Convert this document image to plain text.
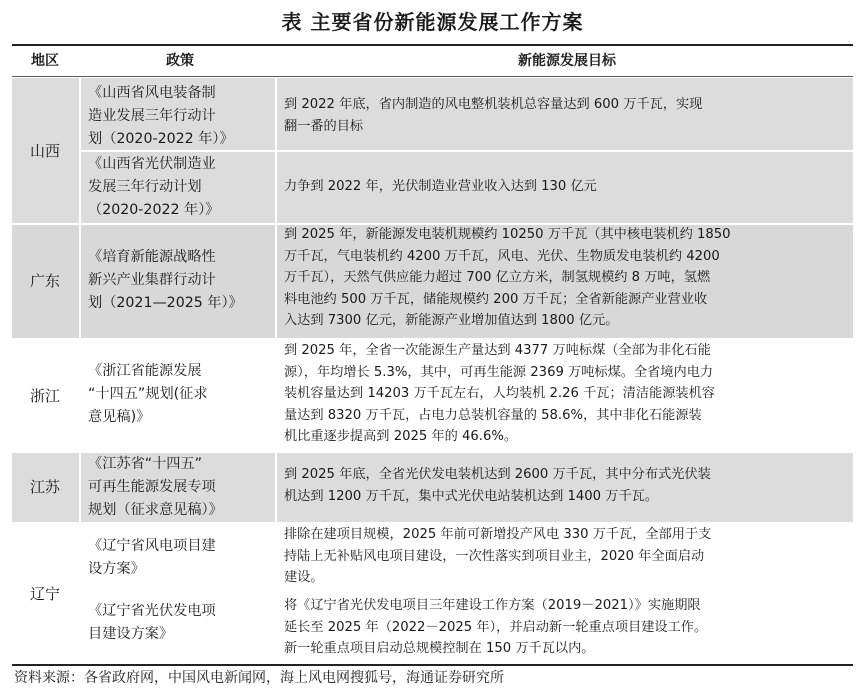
表 主要省份新能源发展工作方案
地区	政策	新能源发展目标
山西
《山西省风电装备制
造业发展三年行动计
划（2020-2022 年）》
到 2022 年底，省内制造的风电整机装机总容量达到 600 万千瓦，实现
翻一番的目标
《山西省光伏制造业
发展三年行动计划
（2020-2022 年）》
力争到 2022 年，光伏制造业营业收入达到 130 亿元
广东
《培育新能源战略性
新兴产业集群行动计
划（2021—2025 年）》
到 2025 年，新能源发电装机规模约 10250 万千瓦（其中核电装机约 1850
万千瓦，气电装机约 4200 万千瓦，风电、光伏、生物质发电装机约 4200
万千瓦），天然气供应能力超过 700 亿立方米，制氢规模约 8 万吨，氢燃
料电池约 500 万千瓦，储能规模约 200 万千瓦；全省新能源产业营业收
入达到 7300 亿元，新能源产业增加值达到 1800 亿元。
浙江
《浙江省能源发展
“十四五”规划(征求
意见稿)》
到 2025 年，全省一次能源生产量达到 4377 万吨标煤（全部为非化石能
源），年均增长 5.3%，其中，可再生能源 2369 万吨标煤。全省境内电力
装机容量达到 14203 万千瓦左右，人均装机 2.26 千瓦；清洁能源装机容
量达到 8320 万千瓦，占电力总装机容量的 58.6%，其中非化石能源装
机比重逐步提高到 2025 年的 46.6%。
江苏
《江苏省“十四五”
可再生能源发展专项
规划（征求意见稿）》
到 2025 年底，全省光伏发电装机达到 2600 万千瓦，其中分布式光伏装
机达到 1200 万千瓦，集中式光伏电站装机达到 1400 万千瓦。
辽宁
《辽宁省风电项目建
设方案》
排除在建项目规模，2025 年前可新增投产风电 330 万千瓦，全部用于支
持陆上无补贴风电项目建设，一次性落实到项目业主，2020 年全面启动
建设。
《辽宁省光伏发电项
目建设方案》
将《辽宁省光伏发电项目三年建设工作方案（2019－2021）》实施期限
延长至 2025 年（2022－2025 年），并启动新一轮重点项目建设工作。
新一轮重点项目启动总规模控制在 150 万千瓦以内。
资料来源：各省政府网，中国风电新闻网，海上风电网搜狐号，海通证券研究所
